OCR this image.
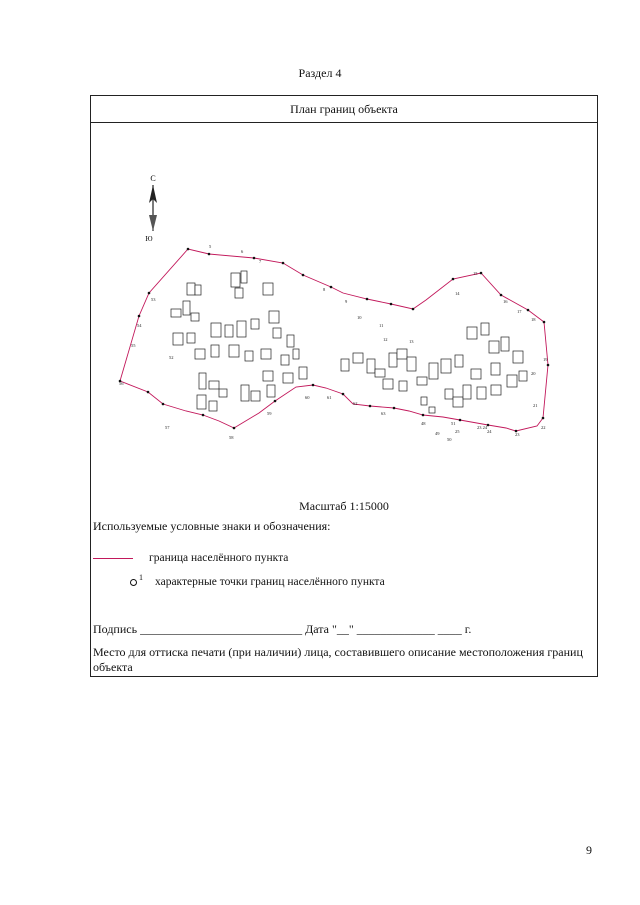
Раздел 4
План границ объекта
С
Ю
5
6
7
8
9
10
11
12	13
14
15
16
17
18
19
20
21
22
23
24
25
23 24
48
49
50
51
52
53
54
55
56
57
58
59
60	61
62
63
Масштаб 1:15000
Используемые условные знаки и обозначения:
граница населённого пункта
1 характерные точки границ населённого пункта
Подпись ___________________________ Дата "__" _____________ ____ г.
Место для оттиска печати (при наличии) лица, составившего описание местоположения границ объекта
9
